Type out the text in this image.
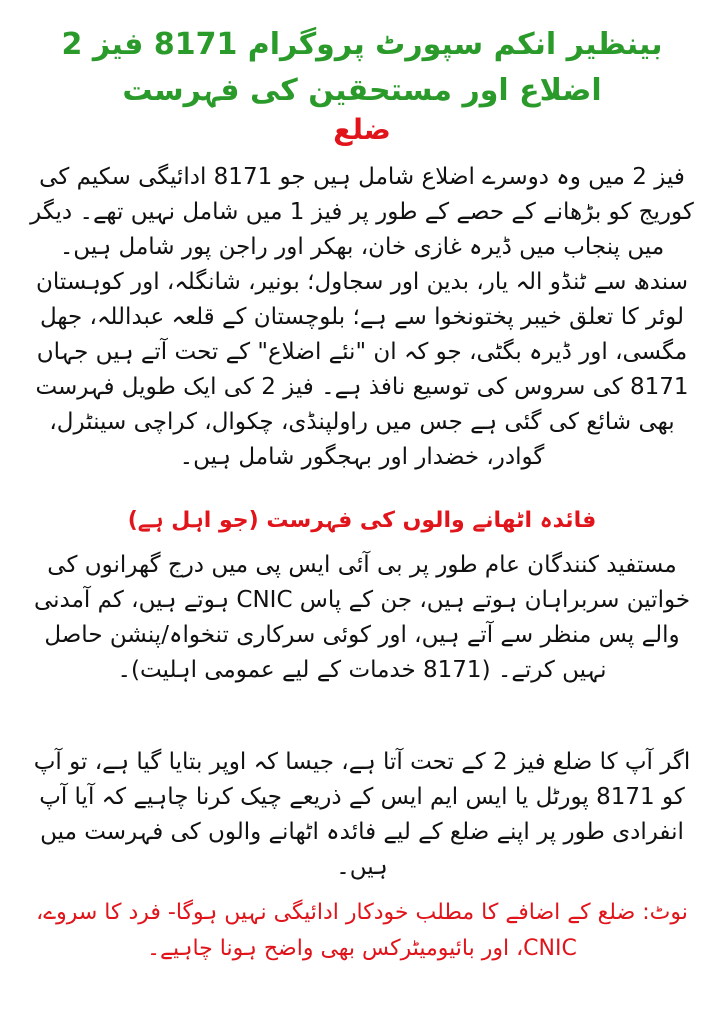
بینظیر انکم سپورٹ پروگرام 8171 فیز 2 اضلاع اور مستحقین کی فہرست
ضلع
فیز 2 میں وہ دوسرے اضلاع شامل ہیں جو 8171 ادائیگی سکیم کی کوریج کو بڑھانے کے حصے کے طور پر فیز 1 میں شامل نہیں تھے۔ دیگر میں پنجاب میں ڈیرہ غازی خان، بھکر اور راجن پور شامل ہیں۔ سندھ سے ٹنڈو الہ یار، بدین اور سجاول؛ بونیر، شانگلہ، اور کوہستان لوئر کا تعلق خیبر پختونخوا سے ہے؛ بلوچستان کے قلعہ عبداللہ، جھل مگسی، اور ڈیرہ بگٹی، جو کہ ان "نئے اضلاع" کے تحت آتے ہیں جہاں 8171 کی سروس کی توسیع نافذ ہے۔ فیز 2 کی ایک طویل فہرست بھی شائع کی گئی ہے جس میں راولپنڈی، چکوال، کراچی سینٹرل، گوادر، خضدار اور بہجگور شامل ہیں۔
فائدہ اٹھانے والوں کی فہرست (جو اہل ہے)
مستفید کنندگان عام طور پر بی آئی ایس پی میں درج گھرانوں کی خواتین سربراہان ہوتے ہیں، جن کے پاس CNIC ہوتے ہیں، کم آمدنی والے پس منظر سے آتے ہیں، اور کوئی سرکاری تنخواہ/پنشن حاصل نہیں کرتے۔ (8171 خدمات کے لیے عمومی اہلیت)۔
اگر آپ کا ضلع فیز 2 کے تحت آتا ہے، جیسا کہ اوپر بتایا گیا ہے، تو آپ کو 8171 پورٹل یا ایس ایم ایس کے ذریعے چیک کرنا چاہیے کہ آیا آپ انفرادی طور پر اپنے ضلع کے لیے فائدہ اٹھانے والوں کی فہرست میں ہیں۔
نوٹ: ضلع کے اضافے کا مطلب خودکار ادائیگی نہیں ہوگا- فرد کا سروے، CNIC، اور بائیومیٹرکس بھی واضح ہونا چاہیے۔
